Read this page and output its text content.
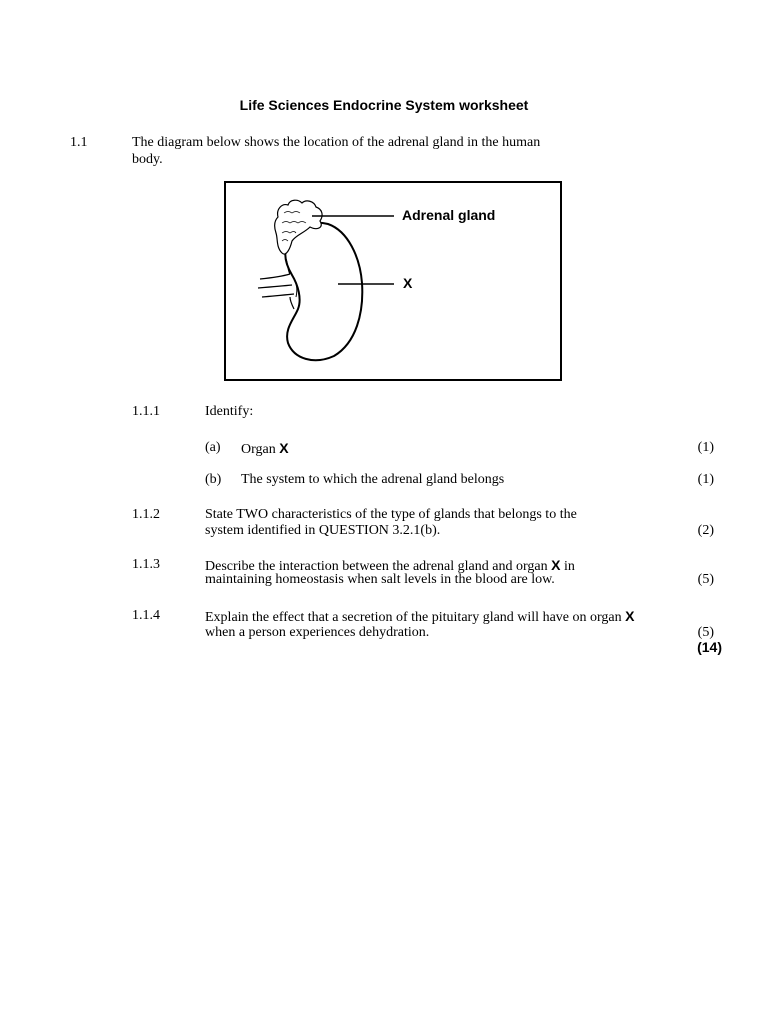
Life Sciences Endocrine System worksheet
1.1	The diagram below shows the location of the adrenal gland in the human
body.
Adrenal gland
X
1.1.1	Identify:
(a) Organ X	(1)
(b) The system to which the adrenal gland belongs	(1)
1.1.2	State TWO characteristics of the type of glands that belongs to the
system identified in QUESTION 3.2.1(b).	(2)
1.1.3	Describe the interaction between the adrenal gland and organ X in
maintaining homeostasis when salt levels in the blood are low.	(5)
1.1.4	Explain the effect that a secretion of the pituitary gland will have on organ X
when a person experiences dehydration.	(5)
(14)
